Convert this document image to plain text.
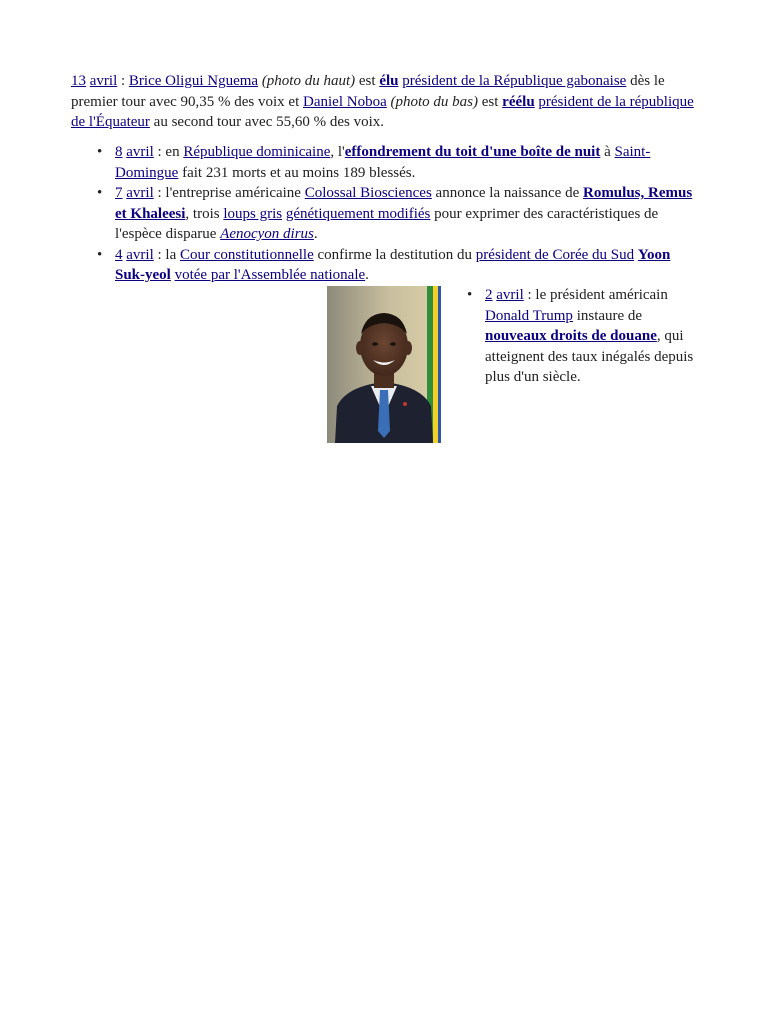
13 avril : Brice Oligui Nguema (photo du haut) est élu président de la République gabonaise dès le premier tour avec 90,35 % des voix et Daniel Noboa (photo du bas) est réélu président de la république de l'Équateur au second tour avec 55,60 % des voix.

• 8 avril : en République dominicaine, l'effondrement du toit d'une boîte de nuit à Saint-Domingue fait 231 morts et au moins 189 blessés.
• 7 avril : l'entreprise américaine Colossal Biosciences annonce la naissance de Romulus, Remus et Khaleesi, trois loups gris génétiquement modifiés pour exprimer des caractéristiques de l'espèce disparue Aenocyon dirus.
• 4 avril : la Cour constitutionnelle confirme la destitution du président de Corée du Sud Yoon Suk-yeol votée par l'Assemblée nationale.
• 2 avril : le président américain Donald Trump instaure de nouveaux droits de douane, qui atteignent des taux inégalés depuis plus d'un siècle.
